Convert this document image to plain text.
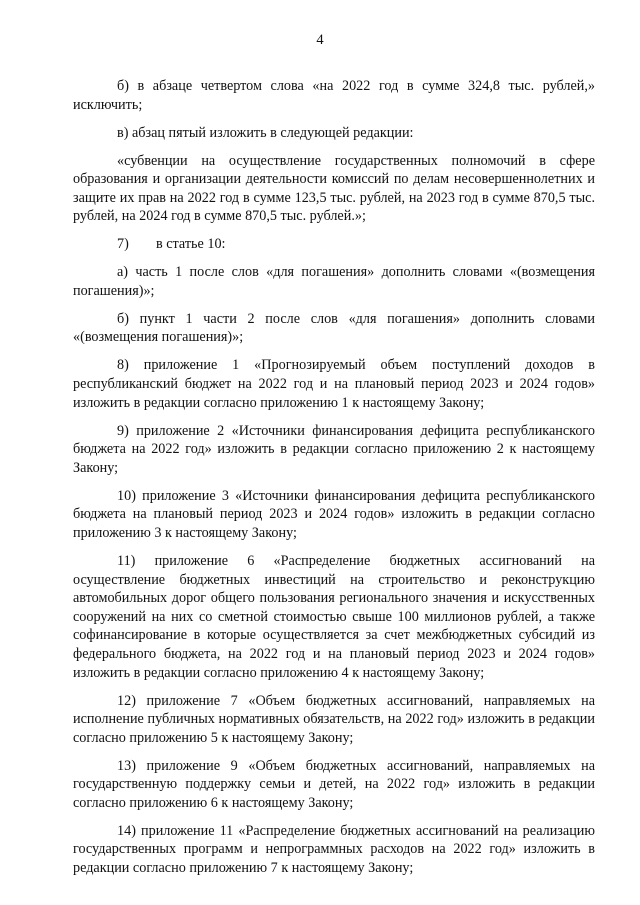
4

б) в абзаце четвертом слова «на 2022 год в сумме 324,8 тыс. рублей,» исключить;

в) абзац пятый изложить в следующей редакции:

«субвенции на осуществление государственных полномочий в сфере образования и организации деятельности комиссий по делам несовершеннолетних и защите их прав на 2022 год в сумме 123,5 тыс. рублей, на 2023 год в сумме 870,5 тыс. рублей, на 2024 год в сумме 870,5 тыс. рублей.»;

7) в статье 10:

а) часть 1 после слов «для погашения» дополнить словами «(возмещения погашения)»;

б) пункт 1 части 2 после слов «для погашения» дополнить словами «(возмещения погашения)»;

8) приложение 1 «Прогнозируемый объем поступлений доходов в республиканский бюджет на 2022 год и на плановый период 2023 и 2024 годов» изложить в редакции согласно приложению 1 к настоящему Закону;

9) приложение 2 «Источники финансирования дефицита республиканского бюджета на 2022 год» изложить в редакции согласно приложению 2 к настоящему Закону;

10) приложение 3 «Источники финансирования дефицита республиканского бюджета на плановый период 2023 и 2024 годов» изложить в редакции согласно приложению 3 к настоящему Закону;

11) приложение 6 «Распределение бюджетных ассигнований на осуществление бюджетных инвестиций на строительство и реконструкцию автомобильных дорог общего пользования регионального значения и искусственных сооружений на них со сметной стоимостью свыше 100 миллионов рублей, а также софинансирование в которые осуществляется за счет межбюджетных субсидий из федерального бюджета, на 2022 год и на плановый период 2023 и 2024 годов» изложить в редакции согласно приложению 4 к настоящему Закону;

12) приложение 7 «Объем бюджетных ассигнований, направляемых на исполнение публичных нормативных обязательств, на 2022 год» изложить в редакции согласно приложению 5 к настоящему Закону;

13) приложение 9 «Объем бюджетных ассигнований, направляемых на государственную поддержку семьи и детей, на 2022 год» изложить в редакции согласно приложению 6 к настоящему Закону;

14) приложение 11 «Распределение бюджетных ассигнований на реализацию государственных программ и непрограммных расходов на 2022 год» изложить в редакции согласно приложению 7 к настоящему Закону;
